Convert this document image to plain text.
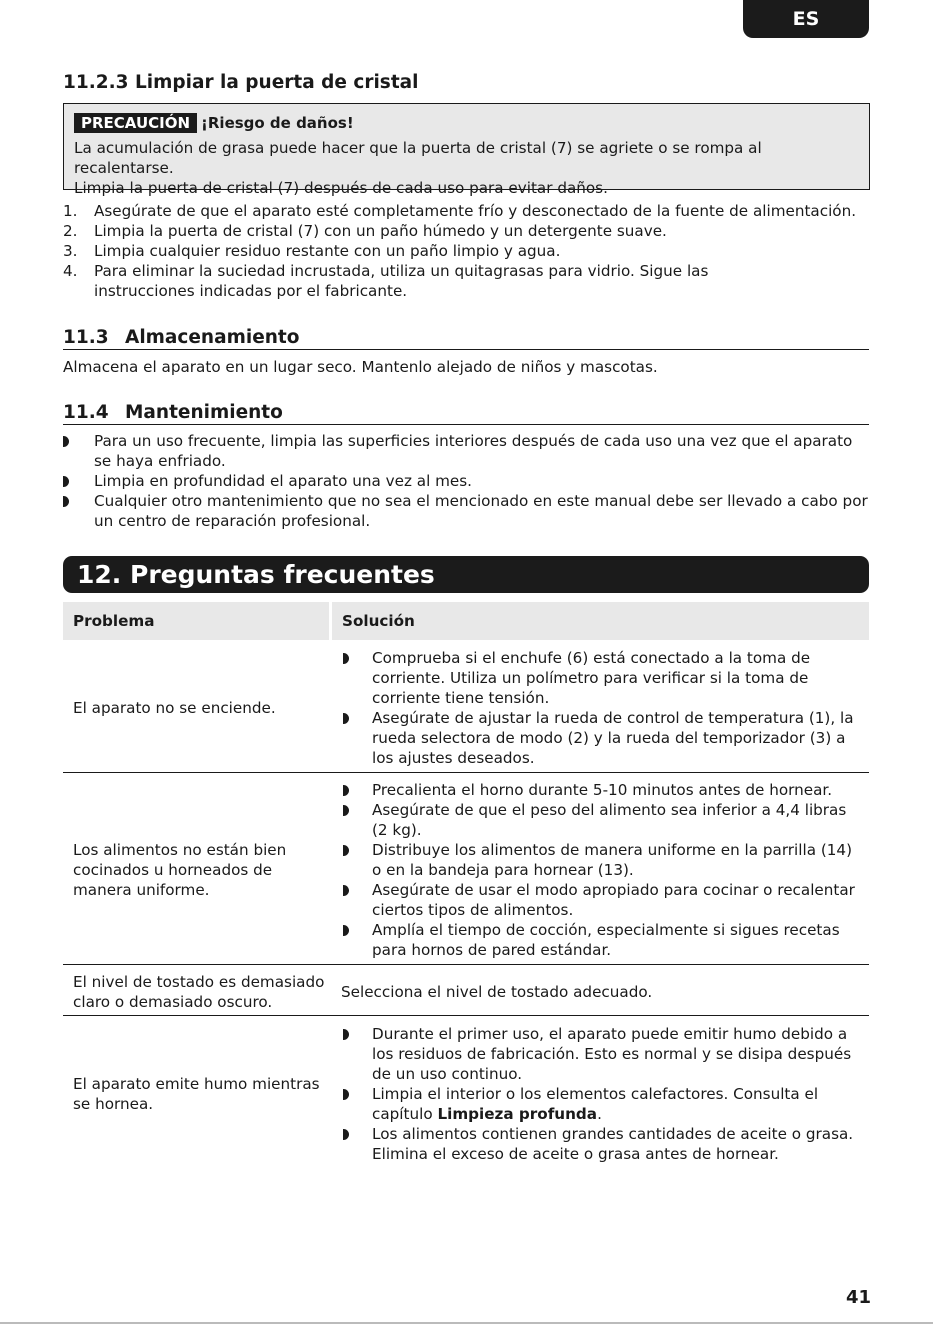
ES
11.2.3 Limpiar la puerta de cristal
PRECAUCIÓN ¡Riesgo de daños!

La acumulación de grasa puede hacer que la puerta de cristal (7) se agriete o se rompa al recalentarse.
Limpia la puerta de cristal (7) después de cada uso para evitar daños.

1. Asegúrate de que el aparato esté completamente frío y desconectado de la fuente de alimentación.
2. Limpia la puerta de cristal (7) con un paño húmedo y un detergente suave.
3. Limpia cualquier residuo restante con un paño limpio y agua.
4. Para eliminar la suciedad incrustada, utiliza un quitagrasas para vidrio. Sigue las instrucciones indicadas por el fabricante.
11.3 Almacenamiento
Almacena el aparato en un lugar seco. Mantenlo alejado de niños y mascotas.
11.4 Mantenimiento
Para un uso frecuente, limpia las superficies interiores después de cada uso una vez que el aparato se haya enfriado.
Limpia en profundidad el aparato una vez al mes.
Cualquier otro mantenimiento que no sea el mencionado en este manual debe ser llevado a cabo por un centro de reparación profesional.
12. Preguntas frecuentes
Problema	Solución
El aparato no se enciende.
Comprueba si el enchufe (6) está conectado a la toma de corriente. Utiliza un polímetro para verificar si la toma de corriente tiene tensión.
Asegúrate de ajustar la rueda de control de temperatura (1), la rueda selectora de modo (2) y la rueda del temporizador (3) a los ajustes deseados.
Los alimentos no están bien cocinados u horneados de manera uniforme.
Precalienta el horno durante 5-10 minutos antes de hornear.
Asegúrate de que el peso del alimento sea inferior a 4,4 libras (2 kg).
Distribuye los alimentos de manera uniforme en la parrilla (14) o en la bandeja para hornear (13).
Asegúrate de usar el modo apropiado para cocinar o recalentar ciertos tipos de alimentos.
Amplía el tiempo de cocción, especialmente si sigues recetas para hornos de pared estándar.
El nivel de tostado es demasiado claro o demasiado oscuro.
Selecciona el nivel de tostado adecuado.
El aparato emite humo mientras se hornea.
Durante el primer uso, el aparato puede emitir humo debido a los residuos de fabricación. Esto es normal y se disipa después de un uso continuo.
Limpia el interior o los elementos calefactores. Consulta el capítulo Limpieza profunda.
Los alimentos contienen grandes cantidades de aceite o grasa. Elimina el exceso de aceite o grasa antes de hornear.
41
